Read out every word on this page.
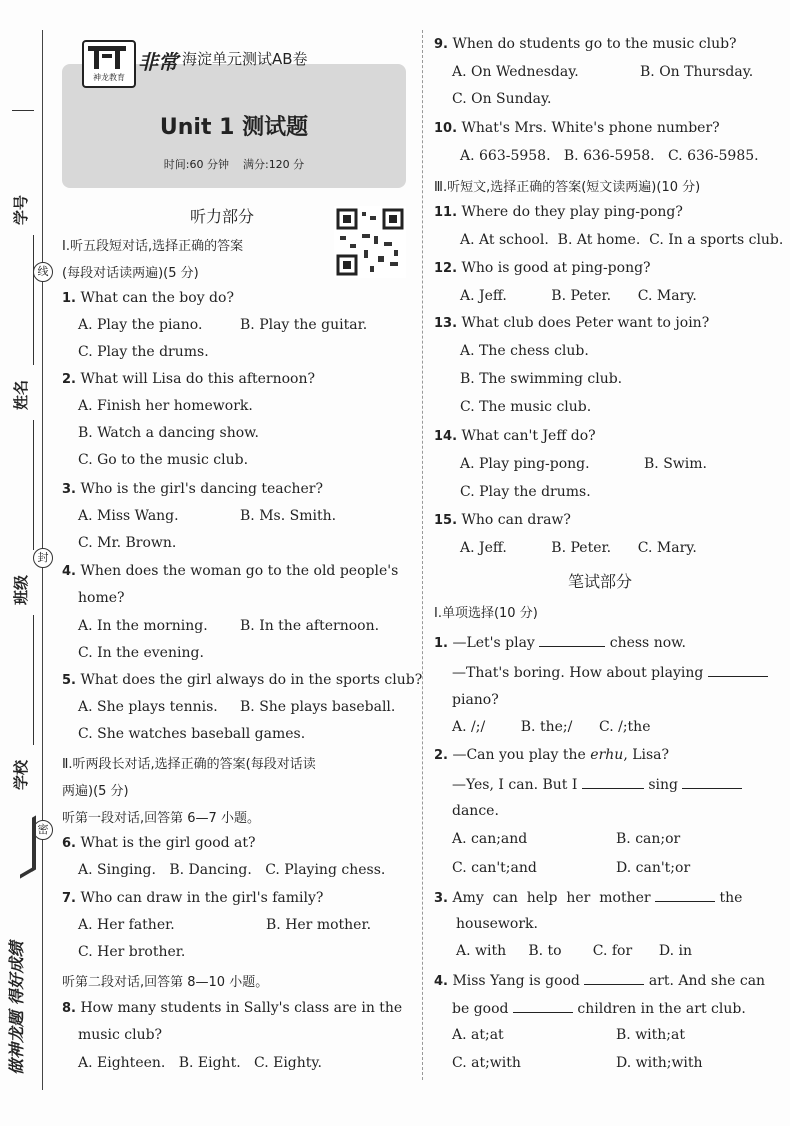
学号
姓名
班级
学校
线
封
密
做神龙题 得好成绩
神龙教育
非常 海淀单元测试AB卷
Unit 1 测试题
时间:60 分钟    满分:120 分
听力部分
Ⅰ.听五段短对话,选择正确的答案
(每段对话读两遍)(5 分)
1. What can the boy do?
A. Play the piano.	B. Play the guitar.
C. Play the drums.
2. What will Lisa do this afternoon?
A. Finish her homework.
B. Watch a dancing show.
C. Go to the music club.
3. Who is the girl's dancing teacher?
A. Miss Wang.	B. Ms. Smith.
C. Mr. Brown.
4. When does the woman go to the old people's
home?
A. In the morning. B. In the afternoon.
C. In the evening.
5. What does the girl always do in the sports club?
A. She plays tennis. B. She plays baseball.
C. She watches baseball games.
Ⅱ.听两段长对话,选择正确的答案(每段对话读
两遍)(5 分)
听第一段对话,回答第 6—7 小题。
6. What is the girl good at?
A. Singing.   B. Dancing.   C. Playing chess.
7. Who can draw in the girl's family?
A. Her father.	B. Her mother.
C. Her brother.
听第二段对话,回答第 8—10 小题。
8. How many students in Sally's class are in the
music club?
A. Eighteen.   B. Eight.   C. Eighty.
9. When do students go to the music club?
A. On Wednesday.	B. On Thursday.
C. On Sunday.
10. What's Mrs. White's phone number?
A. 663-5958.   B. 636-5958.   C. 636-5985.
Ⅲ.听短文,选择正确的答案(短文读两遍)(10 分)
11. Where do they play ping-pong?
A. At school.  B. At home.  C. In a sports club.
12. Who is good at ping-pong?
A. Jeff.          B. Peter.      C. Mary.
13. What club does Peter want to join?
A. The chess club.
B. The swimming club.
C. The music club.
14. What can't Jeff do?
A. Play ping-pong.	B. Swim.
C. Play the drums.
15. Who can draw?
A. Jeff.          B. Peter.      C. Mary.
笔试部分
Ⅰ.单项选择(10 分)
1. —Let's play	chess now.
—That's boring. How about playing
piano?
A. /;/        B. the;/      C. /;the
2. —Can you play the erhu, Lisa?
—Yes, I can. But I	sing
dance.
A. can;and	B. can;or
C. can't;and	D. can't;or
3. Amy  can  help  her  mother	the
housework.
A. with     B. to       C. for      D. in
4. Miss Yang is good	art. And she can
be good	children in the art club.
A. at;at	B. with;at
C. at;with	D. with;with
